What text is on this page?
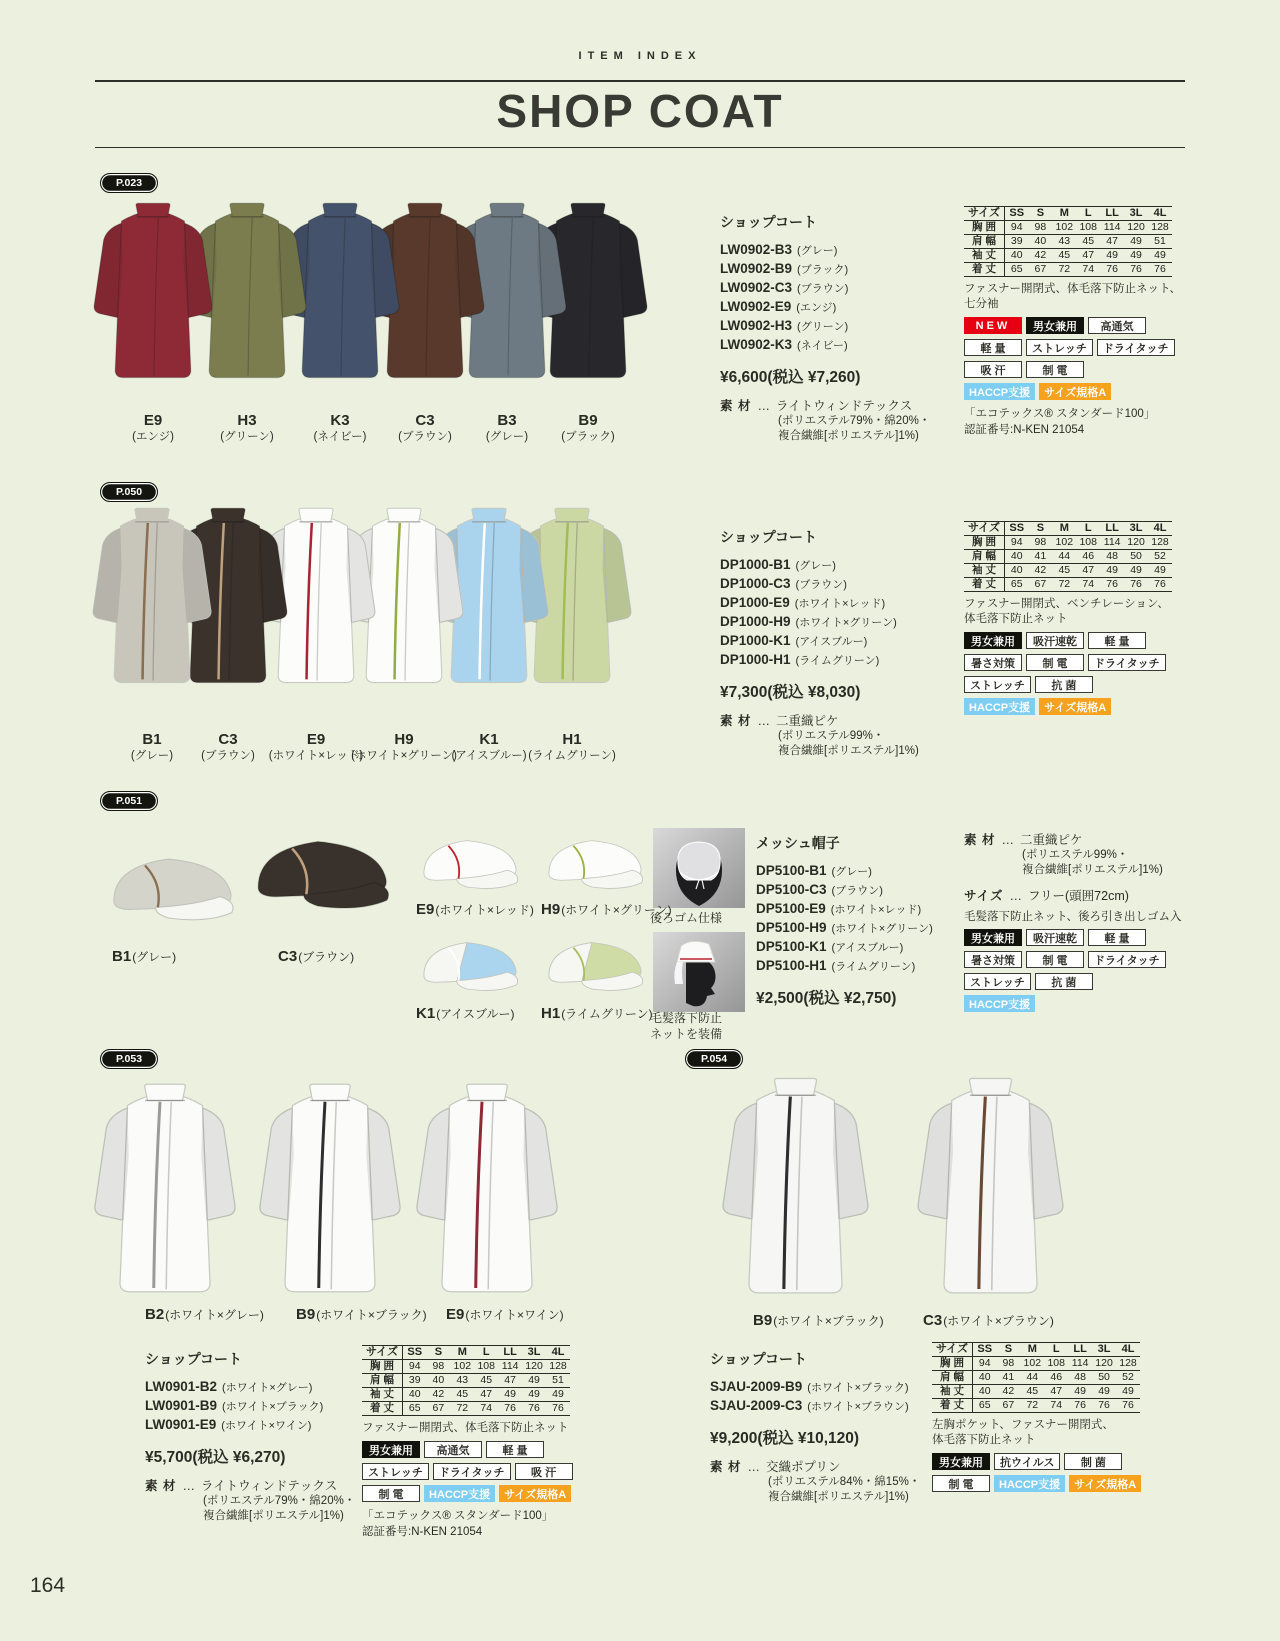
ITEM INDEX
SHOP COAT
P.023
E9
(エンジ)
H3
(グリーン)
K3
(ネイビー)
C3
(ブラウン)
B3
(グレー)
B9
(ブラック)
ショップコート
LW0902-B3 (グレー)
LW0902-B9 (ブラック)
LW0902-C3 (ブラウン)
LW0902-E9 (エンジ)
LW0902-H3 (グリーン)
LW0902-K3 (ネイビー)
¥6,600(税込 ¥7,260)
素 材 … ライトウィンドテックス
(ポリエステル79%・綿20%・
複合繊維[ポリエステル]1%)
サイズ	SS	S	M	L	LL	3L	4L
胸 囲	94	98	102	108	114	120	128
肩 幅	39	40	43	45	47	49	51
袖 丈	40	42	45	47	49	49	49
着 丈	65	67	72	74	76	76	76
ファスナー開閉式、体毛落下防止ネット、
七分袖
NEW	男女兼用	高通気
軽 量	ストレッチ	ドライタッチ
吸 汗	制 電
HACCP支援	サイズ規格A
「エコテックス® スタンダード100」
認証番号:N-KEN 21054
P.050
B1
(グレー)
C3
(ブラウン)
E9
(ホワイト×レッド)
H9
(ホワイト×グリーン)
K1
(アイスブルー)
H1
(ライムグリーン)
ショップコート
DP1000-B1 (グレー)
DP1000-C3 (ブラウン)
DP1000-E9 (ホワイト×レッド)
DP1000-H9 (ホワイト×グリーン)
DP1000-K1 (アイスブルー)
DP1000-H1 (ライムグリーン)
¥7,300(税込 ¥8,030)
素 材 … 二重織ピケ
(ポリエステル99%・
複合繊維[ポリエステル]1%)
サイズ	SS	S	M	L	LL	3L	4L
胸 囲	94	98	102	108	114	120	128
肩 幅	40	41	44	46	48	50	52
袖 丈	40	42	45	47	49	49	49
着 丈	65	67	72	74	76	76	76
ファスナー開閉式、ベンチレーション、
体毛落下防止ネット
男女兼用	吸汗速乾	軽 量
暑さ対策	制 電	ドライタッチ
ストレッチ	抗 菌
HACCP支援	サイズ規格A
後ろゴム仕様
毛髪落下防止
ネットを装備
P.051
B1(グレー)	C3(ブラウン)
E9(ホワイト×レッド) H9(ホワイト×グリーン)
K1(アイスブルー) H1(ライムグリーン)
メッシュ帽子
DP5100-B1 (グレー)
DP5100-C3 (ブラウン)
DP5100-E9 (ホワイト×レッド)
DP5100-H9 (ホワイト×グリーン)
DP5100-K1 (アイスブルー)
DP5100-H1 (ライムグリーン)
¥2,500(税込 ¥2,750)
素 材 … 二重織ピケ
(ポリエステル99%・
複合繊維[ポリエステル]1%)
サイズ … フリー(頭囲72cm)
毛髪落下防止ネット、後ろ引き出しゴム入
男女兼用	吸汗速乾	軽 量
暑さ対策	制 電	ドライタッチ
ストレッチ	抗 菌
HACCP支援
P.053
B2(ホワイト×グレー) B9(ホワイト×ブラック) E9(ホワイト×ワイン)
ショップコート
LW0901-B2 (ホワイト×グレー)
LW0901-B9 (ホワイト×ブラック)
LW0901-E9 (ホワイト×ワイン)
¥5,700(税込 ¥6,270)
素 材 … ライトウィンドテックス
(ポリエステル79%・綿20%・
複合繊維[ポリエステル]1%)
サイズ	SS	S	M	L	LL	3L	4L
胸 囲	94	98	102	108	114	120	128
肩 幅	39	40	43	45	47	49	51
袖 丈	40	42	45	47	49	49	49
着 丈	65	67	72	74	76	76	76
ファスナー開閉式、体毛落下防止ネット
男女兼用	高通気	軽 量
ストレッチ	ドライタッチ	吸 汗
制 電	HACCP支援	サイズ規格A
「エコテックス® スタンダード100」
認証番号:N-KEN 21054
P.054
B9(ホワイト×ブラック)	C3(ホワイト×ブラウン)
ショップコート
SJAU-2009-B9 (ホワイト×ブラック)
SJAU-2009-C3 (ホワイト×ブラウン)
¥9,200(税込 ¥10,120)
素 材 … 交織ポプリン
(ポリエステル84%・綿15%・
複合繊維[ポリエステル]1%)
サイズ	SS	S	M	L	LL	3L	4L
胸 囲	94	98	102	108	114	120	128
肩 幅	40	41	44	46	48	50	52
袖 丈	40	42	45	47	49	49	49
着 丈	65	67	72	74	76	76	76
左胸ポケット、ファスナー開閉式、
体毛落下防止ネット
男女兼用	抗ウイルス	制 菌
制 電	HACCP支援	サイズ規格A
164
